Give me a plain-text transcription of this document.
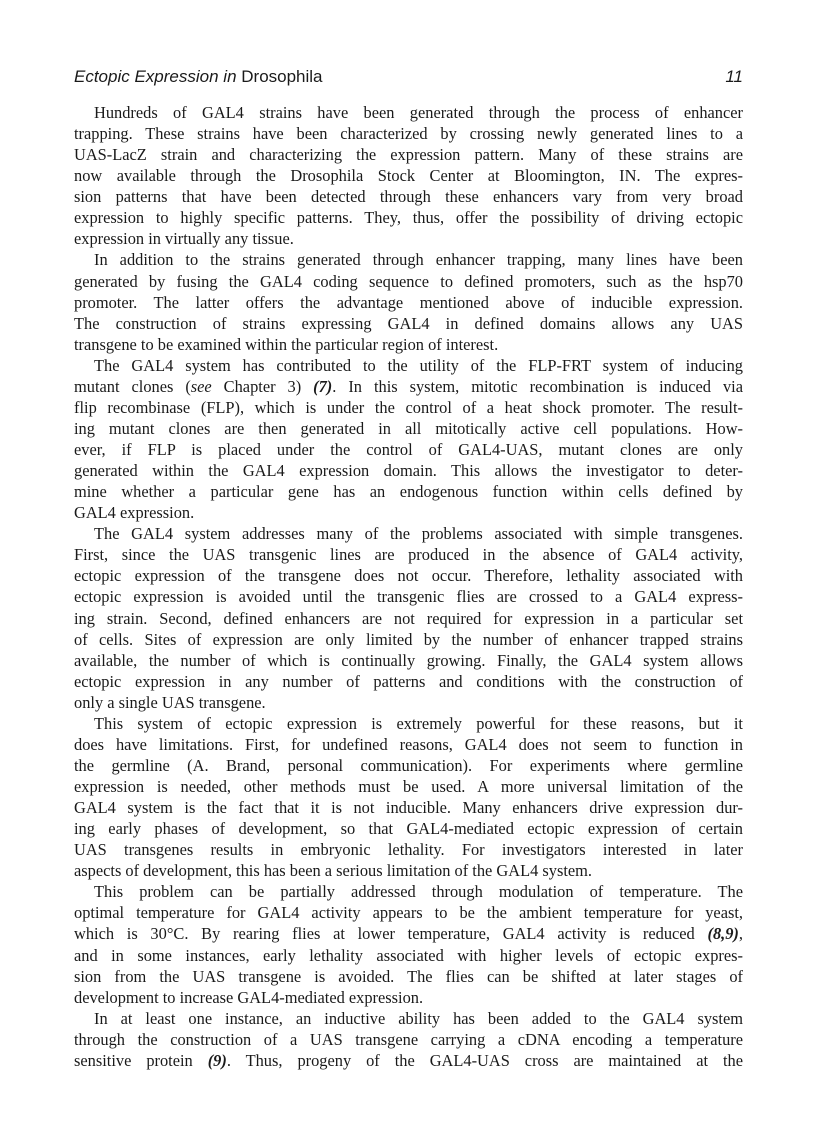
Ectopic Expression in Drosophila	11
Hundreds of GAL4 strains have been generated through the process of enhancer
trapping. These strains have been characterized by crossing newly generated lines to a
UAS-LacZ strain and characterizing the expression pattern. Many of these strains are
now available through the Drosophila Stock Center at Bloomington, IN. The expres-
sion patterns that have been detected through these enhancers vary from very broad
expression to highly specific patterns. They, thus, offer the possibility of driving ectopic
expression in virtually any tissue.
In addition to the strains generated through enhancer trapping, many lines have been
generated by fusing the GAL4 coding sequence to defined promoters, such as the hsp70
promoter. The latter offers the advantage mentioned above of inducible expression.
The construction of strains expressing GAL4 in defined domains allows any UAS
transgene to be examined within the particular region of interest.
The GAL4 system has contributed to the utility of the FLP-FRT system of inducing
mutant clones (see Chapter 3) (7). In this system, mitotic recombination is induced via
flip recombinase (FLP), which is under the control of a heat shock promoter. The result-
ing mutant clones are then generated in all mitotically active cell populations. How-
ever, if FLP is placed under the control of GAL4-UAS, mutant clones are only
generated within the GAL4 expression domain. This allows the investigator to deter-
mine whether a particular gene has an endogenous function within cells defined by
GAL4 expression.
The GAL4 system addresses many of the problems associated with simple transgenes.
First, since the UAS transgenic lines are produced in the absence of GAL4 activity,
ectopic expression of the transgene does not occur. Therefore, lethality associated with
ectopic expression is avoided until the transgenic flies are crossed to a GAL4 express-
ing strain. Second, defined enhancers are not required for expression in a particular set
of cells. Sites of expression are only limited by the number of enhancer trapped strains
available, the number of which is continually growing. Finally, the GAL4 system allows
ectopic expression in any number of patterns and conditions with the construction of
only a single UAS transgene.
This system of ectopic expression is extremely powerful for these reasons, but it
does have limitations. First, for undefined reasons, GAL4 does not seem to function in
the germline (A. Brand, personal communication). For experiments where germline
expression is needed, other methods must be used. A more universal limitation of the
GAL4 system is the fact that it is not inducible. Many enhancers drive expression dur-
ing early phases of development, so that GAL4-mediated ectopic expression of certain
UAS transgenes results in embryonic lethality. For investigators interested in later
aspects of development, this has been a serious limitation of the GAL4 system.
This problem can be partially addressed through modulation of temperature. The
optimal temperature for GAL4 activity appears to be the ambient temperature for yeast,
which is 30°C. By rearing flies at lower temperature, GAL4 activity is reduced (8,9),
and in some instances, early lethality associated with higher levels of ectopic expres-
sion from the UAS transgene is avoided. The flies can be shifted at later stages of
development to increase GAL4-mediated expression.
In at least one instance, an inductive ability has been added to the GAL4 system
through the construction of a UAS transgene carrying a cDNA encoding a temperature
sensitive protein (9). Thus, progeny of the GAL4-UAS cross are maintained at the
